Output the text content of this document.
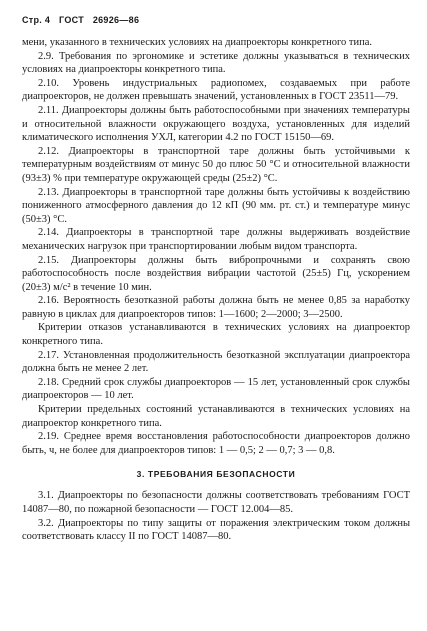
Стр. 4 ГОСТ 26926—86

мени, указанного в технических условиях на диапроекторы конкретного типа.

2.9. Требования по эргономике и эстетике должны указываться в технических условиях на диапроекторы конкретного типа.

2.10. Уровень индустриальных радиопомех, создаваемых при работе диапроекторов, не должен превышать значений, установленных в ГОСТ 23511—79.

2.11. Диапроекторы должны быть работоспособными при значениях температуры и относительной влажности окружающего воздуха, установленных для изделий климатического исполнения УХЛ, категории 4.2 по ГОСТ 15150—69.

2.12. Диапроекторы в транспортной таре должны быть устойчивыми к температурным воздействиям от минус 50 до плюс 50 °С и относительной влажности (93±3) % при температуре окружающей среды (25±2) °С.

2.13. Диапроекторы в транспортной таре должны быть устойчивы к воздействию пониженного атмосферного давления до 12 кП (90 мм. рт. ст.) и температуре минус (50±3) °С.

2.14. Диапроекторы в транспортной таре должны выдерживать воздействие механических нагрузок при транспортировании любым видом транспорта.

2.15. Диапроекторы должны быть вибропрочными и сохранять свою работоспособность после воздействия вибрации частотой (25±5) Гц, ускорением (20±3) м/с² в течение 10 мин.

2.16. Вероятность безотказной работы должна быть не менее 0,85 за наработку равную в циклах для диапроекторов типов: 1—1600; 2—2000; 3—2500.

Критерии отказов устанавливаются в технических условиях на диапроектор конкретного типа.

2.17. Установленная продолжительность безотказной эксплуатации диапроектора должна быть не менее 2 лет.

2.18. Средний срок службы диапроекторов — 15 лет, установленный срок службы диапроекторов — 10 лет.

Критерии предельных состояний устанавливаются в технических условиях на диапроектор конкретного типа.

2.19. Среднее время восстановления работоспособности диапроекторов должно быть, ч, не более для диапроекторов типов: 1 — 0,5; 2 — 0,7; 3 — 0,8.

3. ТРЕБОВАНИЯ БЕЗОПАСНОСТИ

3.1. Диапроекторы по безопасности должны соответствовать требованиям ГОСТ 14087—80, по пожарной безопасности — ГОСТ 12.004—85.

3.2. Диапроекторы по типу защиты от поражения электрическим током должны соответствовать классу II по ГОСТ 14087—80.
